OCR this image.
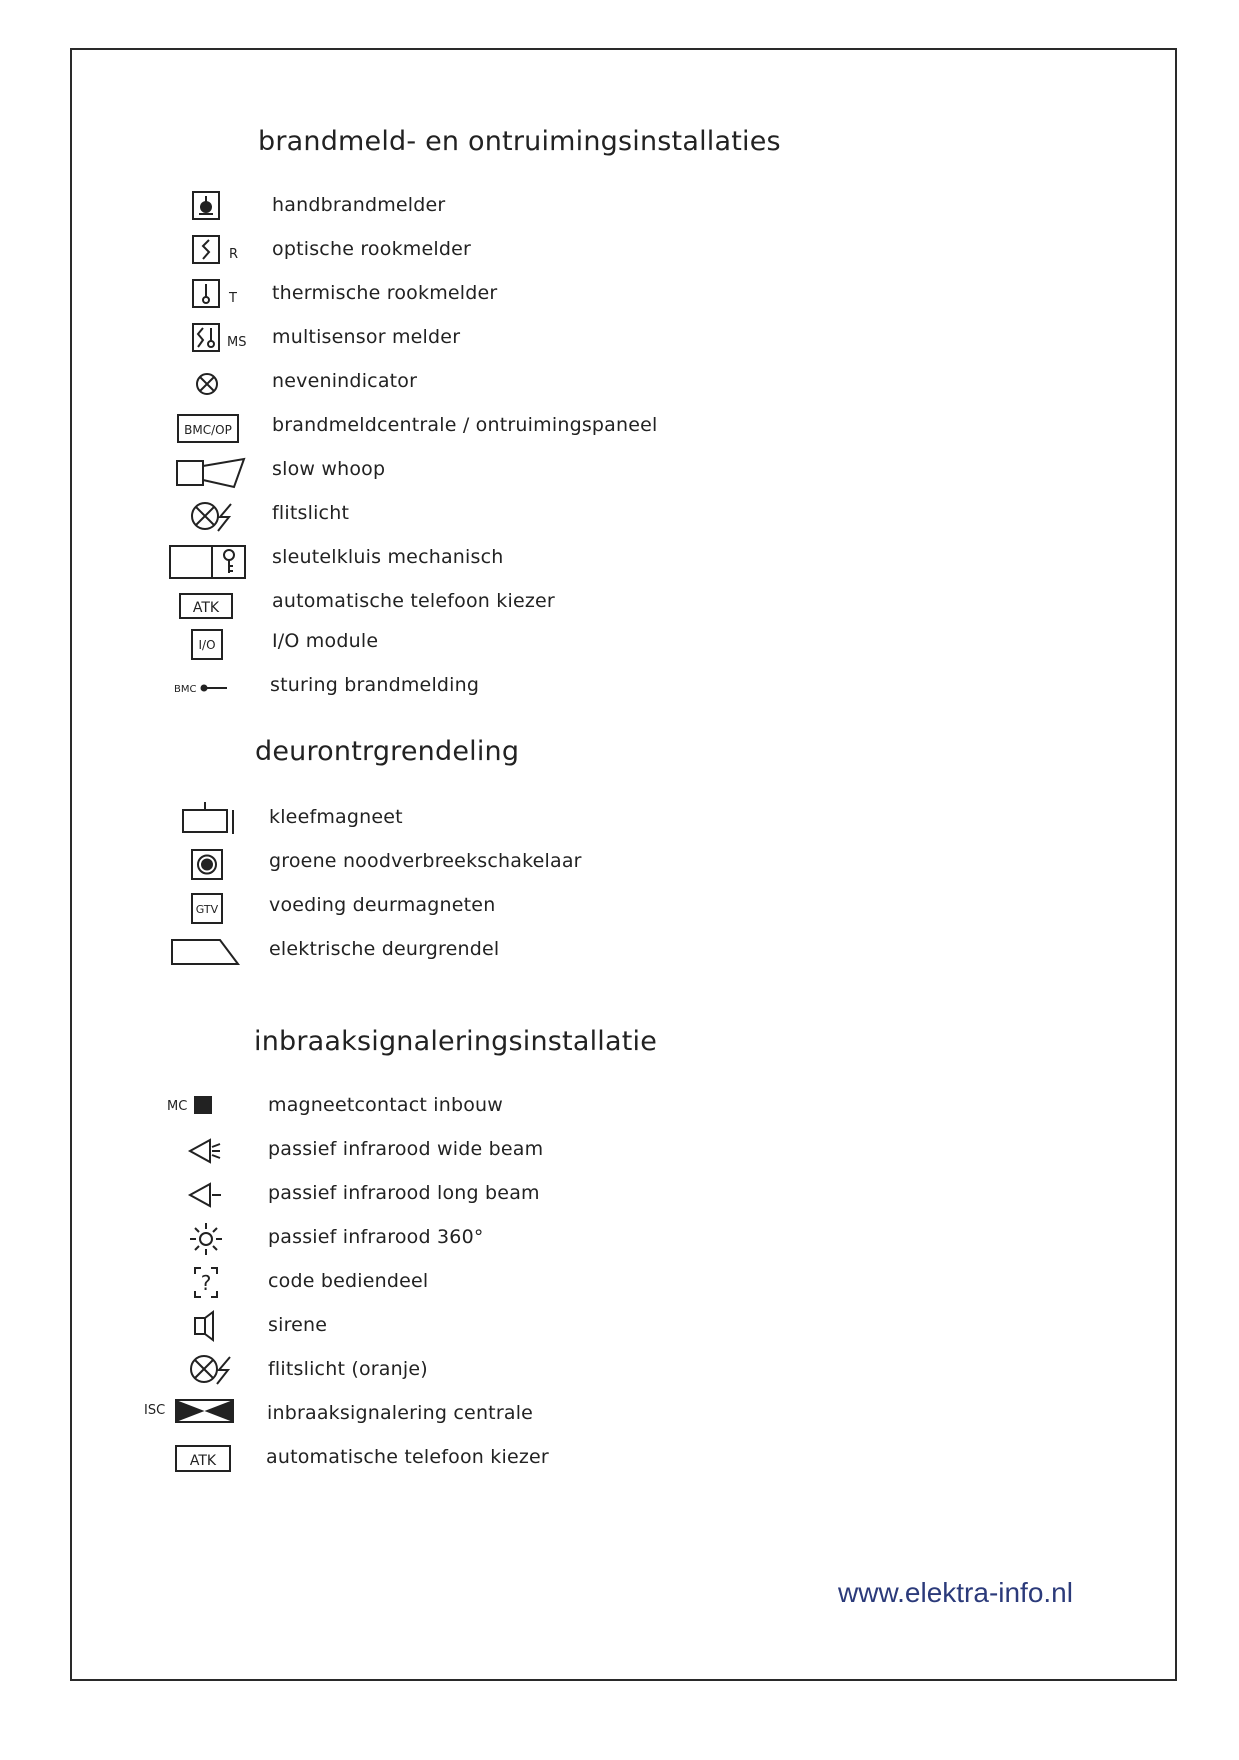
brandmeld- en ontruimingsinstallaties
handbrandmelder
R optische rookmelder
T thermische rookmelder
MS multisensor melder
nevenindicator
BMC/OP brandmeldcentrale / ontruimingspaneel
slow whoop
flitslicht
sleutelkluis mechanisch
ATK	automatische telefoon kiezer
I/O	I/O module
BMC	sturing brandmelding
deurontrgrendeling
kleefmagneet
groene noodverbreekschakelaar
GTV	voeding deurmagneten
elektrische deurgrendel
inbraaksignaleringsinstallatie
MC	magneetcontact inbouw
passief infrarood wide beam
passief infrarood long beam
passief infrarood 360°
?	code bediendeel
sirene
flitslicht (oranje)
ISC	inbraaksignalering centrale
ATK	automatische telefoon kiezer
www.elektra-info.nl
